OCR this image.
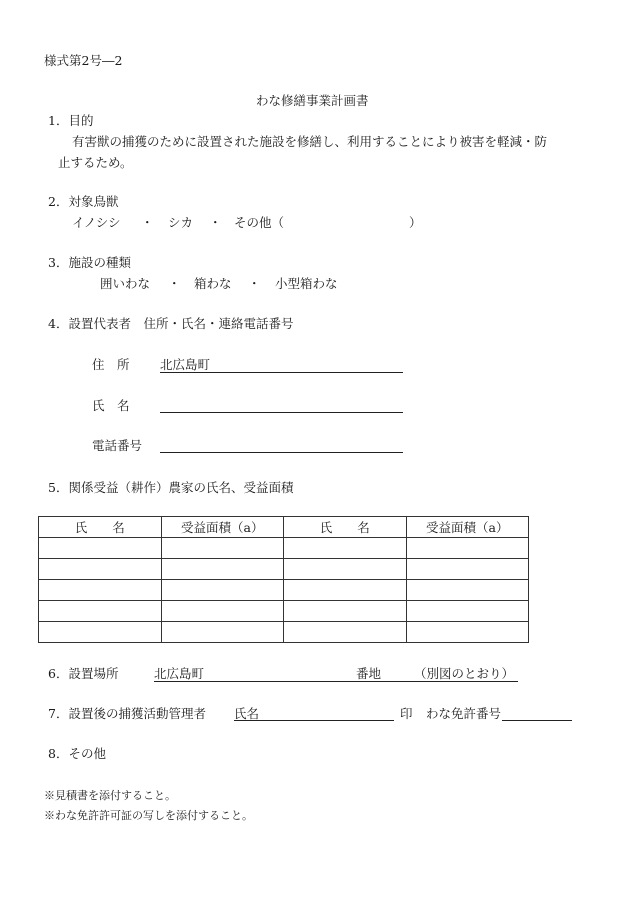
様式第2号―2
わな修繕事業計画書
1．目的
有害獣の捕獲のために設置された施設を修繕し、利用することにより被害を軽減・防
止するため。
2．対象鳥獣
イノシシ ・ シカ ・ その他（	）
3．施設の種類
囲いわな ・ 箱わな ・ 小型箱わな
4．設置代表者　住所・氏名・連絡電話番号
住　所 北広島町
氏　名
電話番号
5．関係受益（耕作）農家の氏名、受益面積
氏　　名	受益面積（a）	氏　　名	受益面積（a）

6．設置場所	北広島町	番地	（別図のとおり）
7．設置後の捕獲活動管理者 氏名	印 わな免許番号
8．その他
※見積書を添付すること。
※わな免許許可証の写しを添付すること。
